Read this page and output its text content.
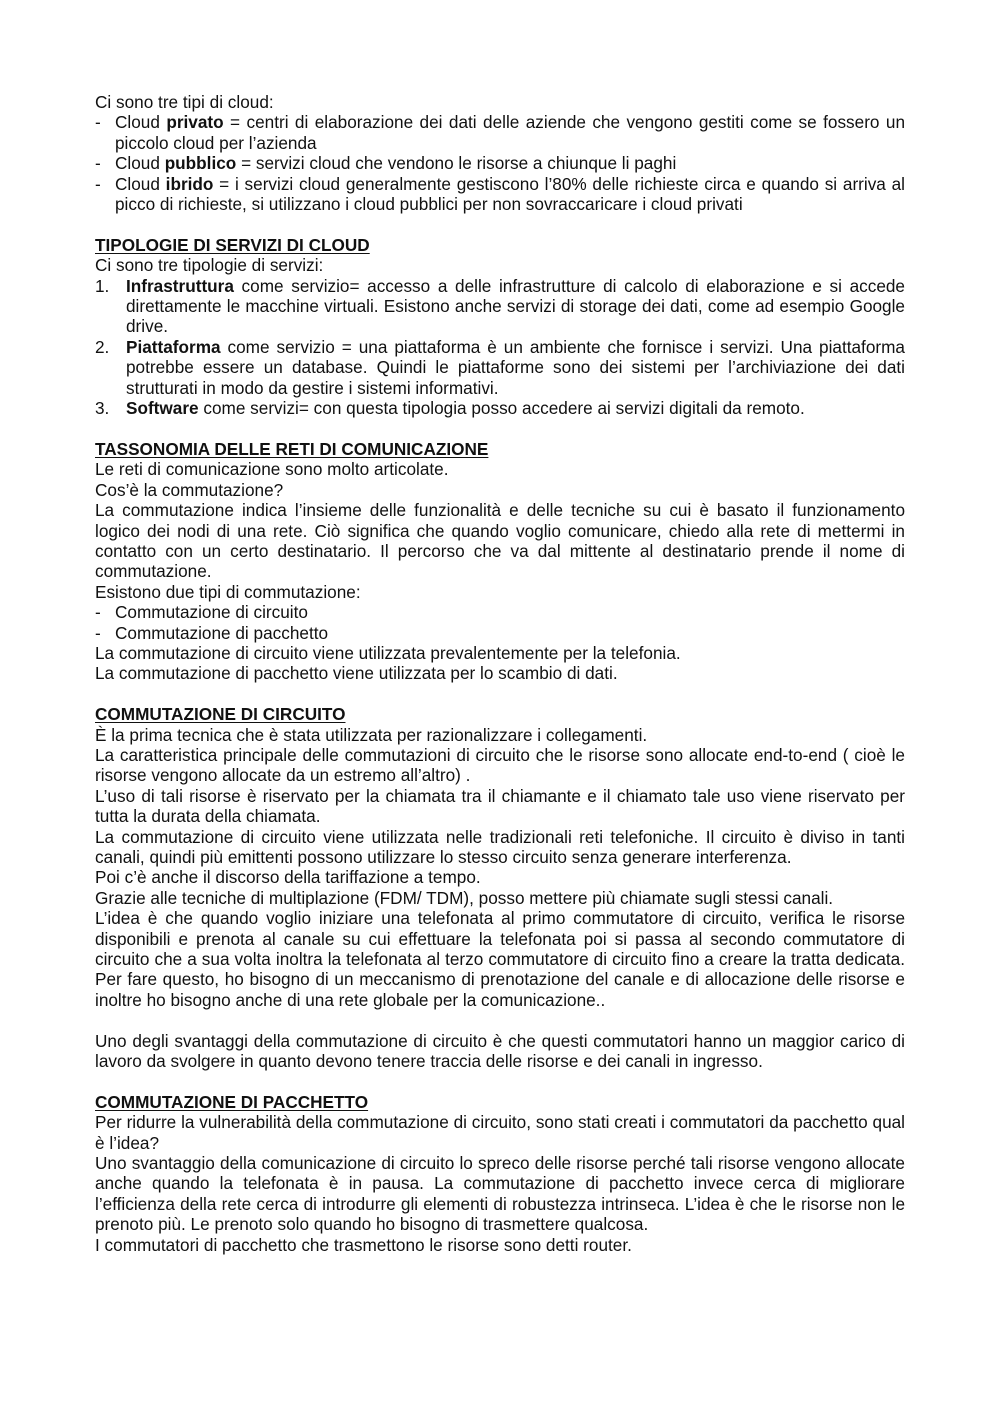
Ci sono tre tipi di cloud:

- Cloud privato = centri di elaborazione dei dati delle aziende che vengono gestiti come se fossero un piccolo cloud per l’azienda
- Cloud pubblico = servizi cloud che vendono le risorse a chiunque li paghi
- Cloud ibrido = i servizi cloud generalmente gestiscono l’80% delle richieste circa e quando si arriva al picco di richieste, si utilizzano i cloud pubblici per non sovraccaricare i cloud privati
TIPOLOGIE DI SERVIZI DI CLOUD

Ci sono tre tipologie di servizi:

1. Infrastruttura come servizio= accesso a delle infrastrutture di calcolo di elaborazione e si accede direttamente le macchine virtuali. Esistono anche servizi di storage dei dati, come ad esempio Google drive.
2. Piattaforma come servizio = una piattaforma è un ambiente che fornisce i servizi. Una piattaforma potrebbe essere un database. Quindi le piattaforme sono dei sistemi per l’archiviazione dei dati strutturati in modo da gestire i sistemi informativi.
3. Software come servizi= con questa tipologia posso accedere ai servizi digitali da remoto.
TASSONOMIA DELLE RETI DI COMUNICAZIONE

Le reti di comunicazione sono molto articolate.

Cos’è la commutazione?

La commutazione indica l’insieme delle funzionalità e delle tecniche su cui è basato il funzionamento logico dei nodi di una rete. Ciò significa che quando voglio comunicare, chiedo alla rete di mettermi in contatto con un certo destinatario. Il percorso che va dal mittente al destinatario prende il nome di commutazione.

Esistono due tipi di commutazione:

- Commutazione di circuito
- Commutazione di pacchetto

La commutazione di circuito viene utilizzata prevalentemente per la telefonia.

La commutazione di pacchetto viene utilizzata per lo scambio di dati.

COMMUTAZIONE DI CIRCUITO

È la prima tecnica che è stata utilizzata per razionalizzare i collegamenti.

La caratteristica principale delle commutazioni di circuito che le risorse sono allocate end-to-end ( cioè le risorse vengono allocate da un estremo all’altro) .

L’uso di tali risorse è riservato per la chiamata tra il chiamante e il chiamato tale uso viene riservato per tutta la durata della chiamata.

La commutazione di circuito viene utilizzata nelle tradizionali reti telefoniche. Il circuito è diviso in tanti canali, quindi più emittenti possono utilizzare lo stesso circuito senza generare interferenza.

Poi c’è anche il discorso della tariffazione a tempo.

Grazie alle tecniche di multiplazione (FDM/ TDM), posso mettere più chiamate sugli stessi canali.

L’idea è che quando voglio iniziare una telefonata al primo commutatore di circuito, verifica le risorse disponibili e prenota al canale su cui effettuare la telefonata poi si passa al secondo commutatore di circuito che a sua volta inoltra la telefonata al terzo commutatore di circuito fino a creare la tratta dedicata. Per fare questo, ho bisogno di un meccanismo di prenotazione del canale e di allocazione delle risorse e inoltre ho bisogno anche di una rete globale per la comunicazione..

Uno degli svantaggi della commutazione di circuito è che questi commutatori hanno un maggior carico di lavoro da svolgere in quanto devono tenere traccia delle risorse e dei canali in ingresso.

COMMUTAZIONE DI PACCHETTO

Per ridurre la vulnerabilità della commutazione di circuito, sono stati creati i commutatori da pacchetto qual è l’idea?

Uno svantaggio della comunicazione di circuito lo spreco delle risorse perché tali risorse vengono allocate anche quando la telefonata è in pausa. La commutazione di pacchetto invece cerca di migliorare l’efficienza della rete cerca di introdurre gli elementi di robustezza intrinseca. L’idea è che le risorse non le prenoto più. Le prenoto solo quando ho bisogno di trasmettere qualcosa.

I commutatori di pacchetto che trasmettono le risorse sono detti router.
